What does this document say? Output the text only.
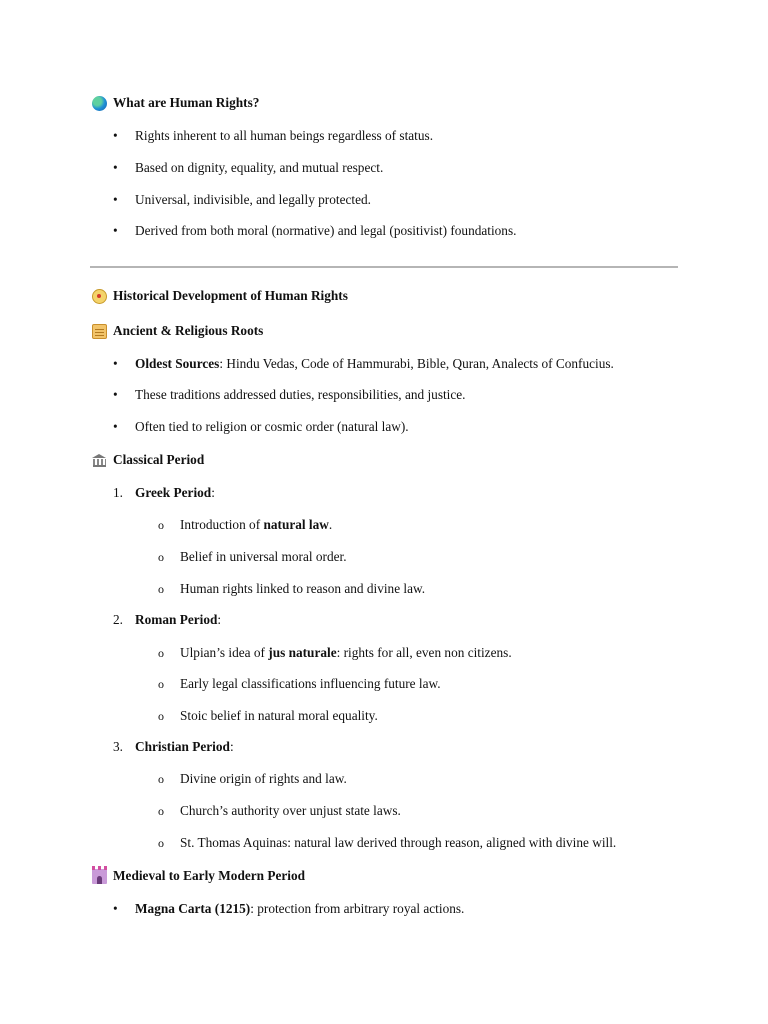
What are Human Rights?
• Rights inherent to all human beings regardless of status.
• Based on dignity, equality, and mutual respect.
• Universal, indivisible, and legally protected.
• Derived from both moral (normative) and legal (positivist) foundations.
Historical Development of Human Rights
Ancient & Religious Roots
• Oldest Sources: Hindu Vedas, Code of Hammurabi, Bible, Quran, Analects of Confucius.
• These traditions addressed duties, responsibilities, and justice.
• Often tied to religion or cosmic order (natural law).
Classical Period
1. Greek Period:
o Introduction of natural law.
o Belief in universal moral order.
o Human rights linked to reason and divine law.
2. Roman Period:
o Ulpian’s idea of jus naturale: rights for all, even non citizens.
o Early legal classifications influencing future law.
o Stoic belief in natural moral equality.
3. Christian Period:
o Divine origin of rights and law.
o Church’s authority over unjust state laws.
o St. Thomas Aquinas: natural law derived through reason, aligned with divine will.
Medieval to Early Modern Period
• Magna Carta (1215): protection from arbitrary royal actions.
